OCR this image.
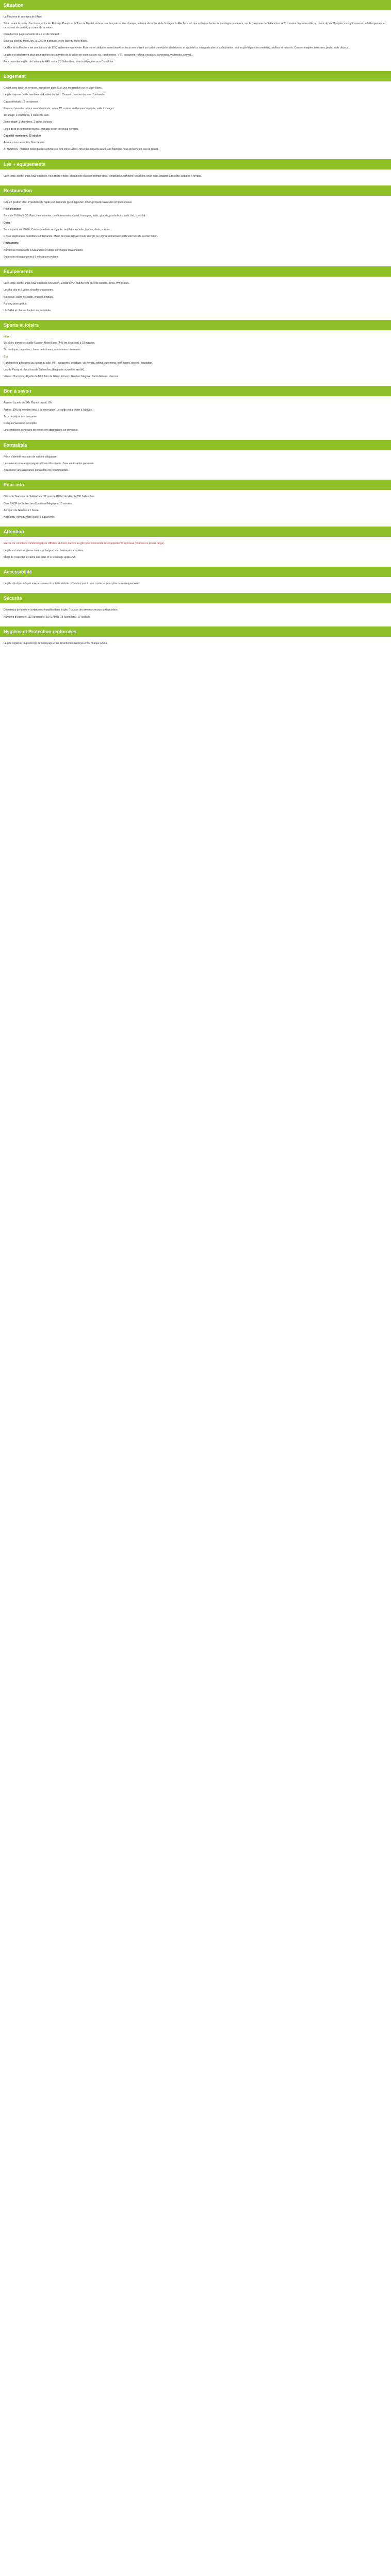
Situation
La Flechère et ses rives de l'Arve.
Situé, avant la partie d'occitanie, entre les Rochers Pourris et la Tour de Montet, à deux pas des prés et des champs, entouré de forêts et de bocages, la Flechère est une ancienne ferme de montagne restaurée, sur la commune de Sallanches. A 10 minutes du centre-ville, au coeur du Val Montjoie, vous y trouverez un hébergement et un accueil de qualité, au coeur de la nature.
Plan d'accès page suivante et sur le site internet.
Situé au pied du Mont Joly, à 1000 m d'altitude, et en face du Mont-Blanc.
Le Gîte de la Flechère est une bâtisse de 1750 entièrement rénovée. Pour votre confort et votre bien-être, nous avons créé un cadre convivial et chaleureux, et apporté un soin particulier à la décoration, tout en privilégiant les matériaux nobles et naturels. Cuisine équipée, terrasses, jardin, salle de jeux...
Le gîte est idéalement situé pour profiter des activités de la vallée en toute saison: ski, randonnées, VTT, parapente, rafting, escalade, canyoning, via ferrata, cheval...
Pour rejoindre le gîte, de l'autoroute A40, sortie 21 Sallanches, direction Megève puis Combloux.
Logement
Chalet avec jardin et terrasse, exposition plein Sud, vue imprenable sur le Mont-Blanc.
Le gîte dispose de 6 chambres et 4 salles de bain. Chaque chambre dispose d'un lavabo.
Capacité totale: 12 personnes.
Rez-de-chaussée: séjour avec cheminée, salon TV, cuisine entièrement équipée, salle à manger.
1er étage: 3 chambres, 2 salles de bain.
2ème étage: 3 chambres, 2 salles de bain.
Linge de lit et de toilette fournis. Ménage de fin de séjour compris.
Capacité maximum: 12 adultes
Animaux non acceptés. Non fumeur.
ATTENTION : Veuillez noter que les arrivées se font entre 17h et 19h et les départs avant 10h. Merci de nous prévenir en cas de retard.
Les + équipements
Lave-linge, sèche-linge, lave-vaisselle, four, micro-ondes, plaques de cuisson, réfrigérateur, congélateur, cafetière, bouilloire, grille-pain, appareil à raclette, appareil à fondue.
Restauration
Gîte en gestion libre. Possibilité de repas sur demande (petit-déjeuner, dîner) préparés avec des produits locaux.
Petit-déjeuner
Servi de 7h30 à 9h30. Pain, viennoiseries, confitures maison, miel, fromages, fruits, yaourts, jus de fruits, café, thé, chocolat.
Dîner
Servi à partir de 19h30. Cuisine familiale savoyarde: tartiflette, raclette, fondue, diots, soupes...
Repas végétariens possibles sur demande. Merci de nous signaler toute allergie ou régime alimentaire particulier lors de la réservation.
Restaurants
Nombreux restaurants à Sallanches et dans les villages environnants.
Supérette et boulangerie à 5 minutes en voiture.
Equipements
Lave-linge, sèche-linge, lave-vaisselle, télévision, lecteur DVD, chaîne hi-fi, jeux de société, livres, Wifi gratuit.
Local à skis et à vélos, chauffe-chaussures.
Barbecue, salon de jardin, chaises longues.
Parking privé gratuit.
Lits bébé et chaises hautes sur demande.
Sports et loisirs
Hiver
Ski alpin: domaine skiable Evasion Mont-Blanc (445 km de pistes) à 15 minutes.
Ski nordique, raquettes, chiens de traîneau, randonnées hivernales.
Eté
Randonnées pédestres au départ du gîte, VTT, parapente, escalade, via ferrata, rafting, canyoning, golf, tennis, piscine, équitation.
Lac de Passy et plan d'eau de Sallanches (baignade surveillée en été).
Visites: Chamonix, Aiguille du Midi, Mer de Glace, Annecy, Genève, Megève, Saint-Gervais, thermes.
Bon à savoir
Arrivée: à partir de 17h. Départ: avant 10h.
Arrhes: 30% du montant total à la réservation. Le solde est à régler à l'arrivée.
Taxe de séjour non comprise.
Chèques vacances acceptés.
Les conditions générales de vente sont disponibles sur demande.
Formalités
Pièce d'identité en cours de validité obligatoire.
Les mineurs non accompagnés doivent être munis d'une autorisation parentale.
Assurance: une assurance annulation est recommandée.
Pour info
Office de Tourisme de Sallanches: 32 quai de l'Hôtel de Ville, 74700 Sallanches.
Gare SNCF de Sallanches-Combloux-Megève à 10 minutes.
Aéroport de Genève à 1 heure.
Hôpital du Pays du Mont-Blanc à Sallanches.
Attention
En cas de conditions météorologiques difficiles en hiver, l'accès au gîte peut nécessiter des équipements spéciaux (chaînes ou pneus neige).
Le gîte est situé en pleine nature: prévoyez des chaussures adaptées.
Merci de respecter le calme des lieux et le voisinage après 22h.
Accessibilité
Le gîte n'est pas adapté aux personnes à mobilité réduite. N'hésitez pas à nous contacter pour plus de renseignements.
Sécurité
Détecteurs de fumée et extincteurs installés dans le gîte. Trousse de premiers secours à disposition.
Numéros d'urgence: 112 (urgences), 15 (SAMU), 18 (pompiers), 17 (police).
Hygiène et Protection renforcées
Le gîte applique un protocole de nettoyage et de désinfection renforcé entre chaque séjour.
